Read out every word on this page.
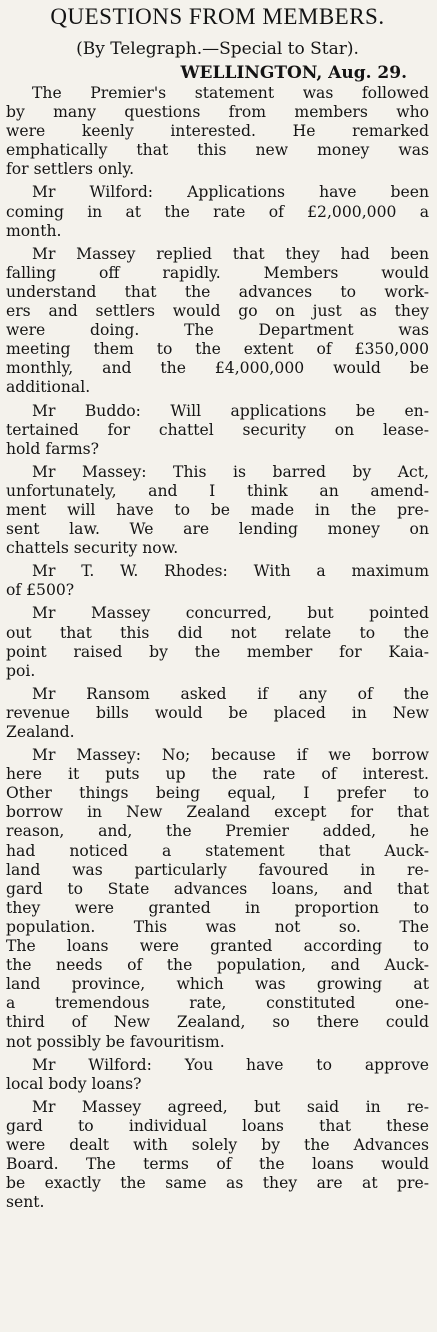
QUESTIONS FROM MEMBERS.
(By Telegraph.—Special to Star).
WELLINGTON, Aug. 29.
The Premier's statement was followed
by many questions from members who
were keenly interested. He remarked
emphatically that this new money was
for settlers only.
Mr Wilford: Applications have been
coming in at the rate of £2,000,000 a
month.
Mr Massey replied that they had been
falling off rapidly. Members would
understand that the advances to work-
ers and settlers would go on just as they
were doing. The Department was
meeting them to the extent of £350,000
monthly, and the £4,000,000 would be
additional.
Mr Buddo: Will applications be en-
tertained for chattel security on lease-
hold farms?
Mr Massey: This is barred by Act,
unfortunately, and I think an amend-
ment will have to be made in the pre-
sent law. We are lending money on
chattels security now.
Mr T. W. Rhodes: With a maximum
of £500?
Mr Massey concurred, but pointed
out that this did not relate to the
point raised by the member for Kaia-
poi.
Mr Ransom asked if any of the
revenue bills would be placed in New
Zealand.
Mr Massey: No; because if we borrow
here it puts up the rate of interest.
Other things being equal, I prefer to
borrow in New Zealand except for that
reason, and, the Premier added, he
had noticed a statement that Auck-
land was particularly favoured in re-
gard to State advances loans, and that
they were granted in proportion to
population. This was not so. The
The loans were granted according to
the needs of the population, and Auck-
land province, which was growing at
a tremendous rate, constituted one-
third of New Zealand, so there could
not possibly be favouritism.
Mr Wilford: You have to approve
local body loans?
Mr Massey agreed, but said in re-
gard to individual loans that these
were dealt with solely by the Advances
Board. The terms of the loans would
be exactly the same as they are at pre-
sent.
